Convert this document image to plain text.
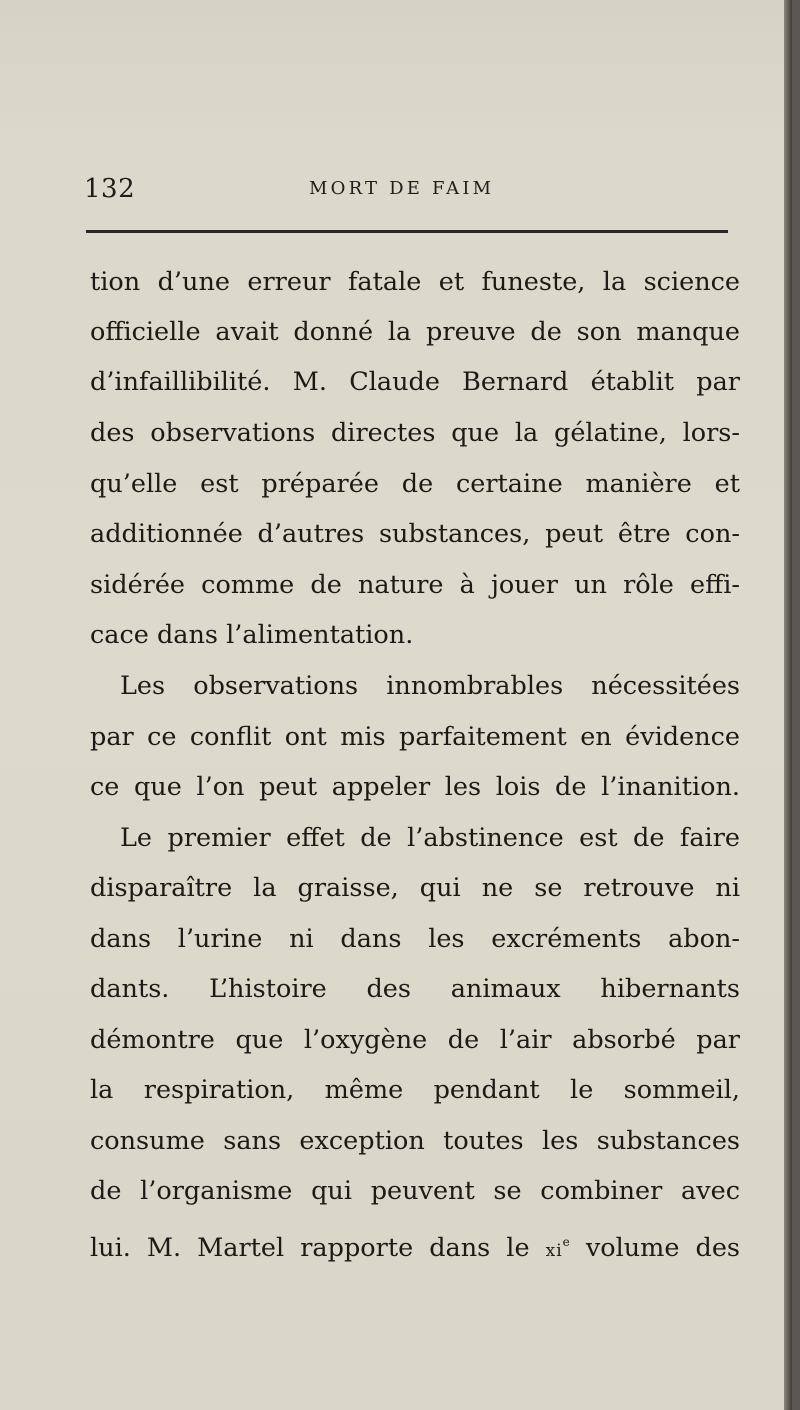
132	MORT DE FAIM
tion d’une erreur fatale et funeste, la science
officielle avait donné la preuve de son manque
d’infaillibilité. M. Claude Bernard établit par
des observations directes que la gélatine, lors-
qu’elle est préparée de certaine manière et
additionnée d’autres substances, peut être con-
sidérée comme de nature à jouer un rôle effi-
cace dans l’alimentation.
Les observations innombrables nécessitées
par ce conflit ont mis parfaitement en évidence
ce que l’on peut appeler les lois de l’inanition.
Le premier effet de l’abstinence est de faire
disparaître la graisse, qui ne se retrouve ni
dans l’urine ni dans les excréments abon-
dants. L’histoire des animaux hibernants
démontre que l’oxygène de l’air absorbé par
la respiration, même pendant le sommeil,
consume sans exception toutes les substances
de l’organisme qui peuvent se combiner avec
lui. M. Martel rapporte dans le $xi^e$ volume des
